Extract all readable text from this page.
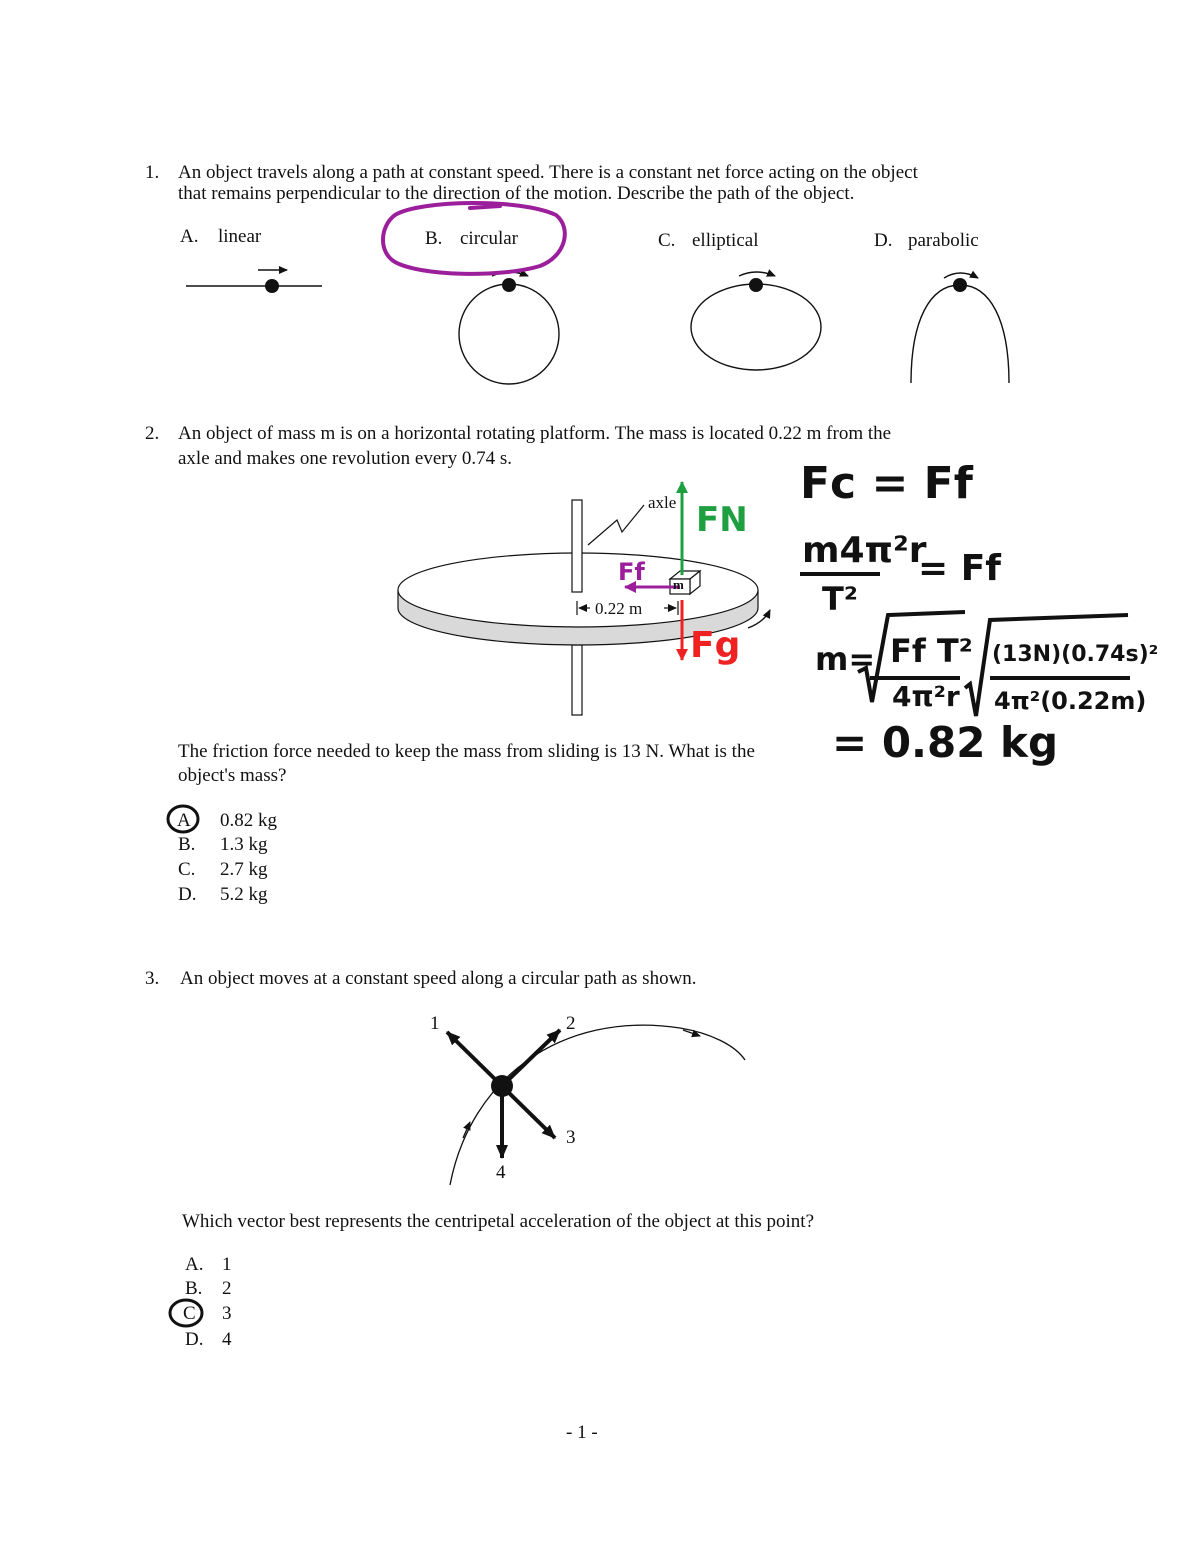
1. An object travels along a path at constant speed. There is a constant net force acting on the object
that remains perpendicular to the direction of the motion. Describe the path of the object.
A. linear	B. circular	C. elliptical	D. parabolic
2. An object of mass m is on a horizontal rotating platform. The mass is located 0.22 m from the
axle and makes one revolution every 0.74 s.
axle
m
0.22 m
FN
Ff
Fg
Fc = Ff
m4π²r
T²
= Ff
m= Ff T²
4π²r
(13N)(0.74s)²
4π²(0.22m)
= 0.82 kg
The friction force needed to keep the mass from sliding is 13 N. What is the
object's mass?
A 0.82 kg
B. 1.3 kg
C. 2.7 kg
D. 5.2 kg
3. An object moves at a constant speed along a circular path as shown.
1	2
3
4
Which vector best represents the centripetal acceleration of the object at this point?
A. 1
B. 2
C 3
D. 4
- 1 -
